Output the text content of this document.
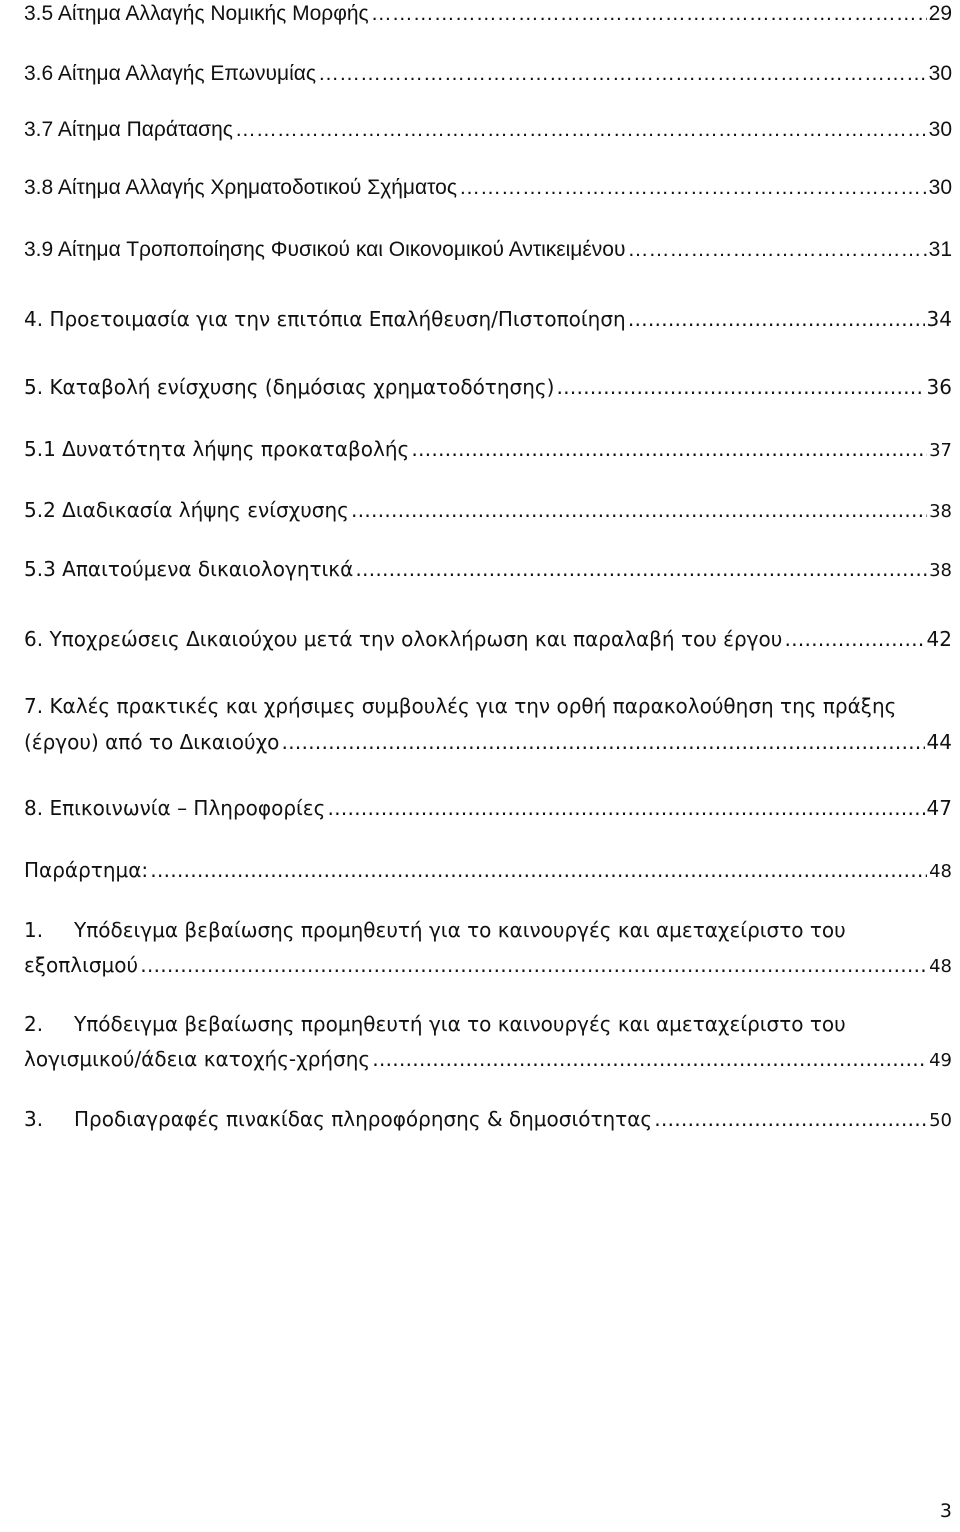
3.5 Αίτημα Αλλαγής Νομικής Μορφής ………………………………………………………………………………………………………………………………………………………………………………………………………………………………………………………………………	29
3.6 Αίτημα Αλλαγής Επωνυμίας ………………………………………………………………………………………………………………………………………………………………………………………………………………………………………………………………………	30
3.7 Αίτημα Παράτασης ………………………………………………………………………………………………………………………………………………………………………………………………………………………………………………………………………	30
3.8 Αίτημα Αλλαγής Χρηματοδοτικού Σχήματος ………………………………………………………………………………………………………………………………………………………………………………………………………………………………………………………………………	30
3.9 Αίτημα Τροποποίησης Φυσικού και Οικονομικού Αντικειμένου ………………………………………………………………………………………………………………………………………………………………………………………………………………………………………………………………………	31
4. Προετοιμασία για την επιτόπια Επαλήθευση/Πιστοποίηση ………………………………………………………………………………………………………………………………………………………………………………………………………………………………………………………………………	34
5. Καταβολή ενίσχυσης (δημόσιας χρηματοδότησης) ………………………………………………………………………………………………………………………………………………………………………………………………………………………………………………………………………	36
5.1 Δυνατότητα λήψης προκαταβολής ………………………………………………………………………………………………………………………………………………………………………………………………………………………………………………………………………	37
5.2 Διαδικασία λήψης ενίσχυσης ………………………………………………………………………………………………………………………………………………………………………………………………………………………………………………………………………	38
5.3 Απαιτούμενα δικαιολογητικά ………………………………………………………………………………………………………………………………………………………………………………………………………………………………………………………………………	38
6. Υποχρεώσεις Δικαιούχου μετά την ολοκλήρωση και παραλαβή του έργου ………………………………………………………………………………………………………………………………………………………………………………………………………………………………………………………………………	42
7. Καλές πρακτικές και χρήσιμες συμβουλές για την ορθή παρακολούθηση της πράξης
(έργου) από το Δικαιούχο ………………………………………………………………………………………………………………………………………………………………………………………………………………………………………………………………………	44
8. Επικοινωνία – Πληροφορίες ………………………………………………………………………………………………………………………………………………………………………………………………………………………………………………………………………	47
Παράρτημα: ………………………………………………………………………………………………………………………………………………………………………………………………………………………………………………………………………	48
1. Υπόδειγμα βεβαίωσης προμηθευτή για το καινουργές και αμεταχείριστο του
εξοπλισμού ………………………………………………………………………………………………………………………………………………………………………………………………………………………………………………………………………	48
2. Υπόδειγμα βεβαίωσης προμηθευτή για το καινουργές και αμεταχείριστο του
λογισμικού/άδεια κατοχής-χρήσης ………………………………………………………………………………………………………………………………………………………………………………………………………………………………………………………………………	49
3. Προδιαγραφές πινακίδας πληροφόρησης & δημοσιότητας ………………………………………………………………………………………………………………………………………………………………………………………………………………………………………………………………………	50
3
